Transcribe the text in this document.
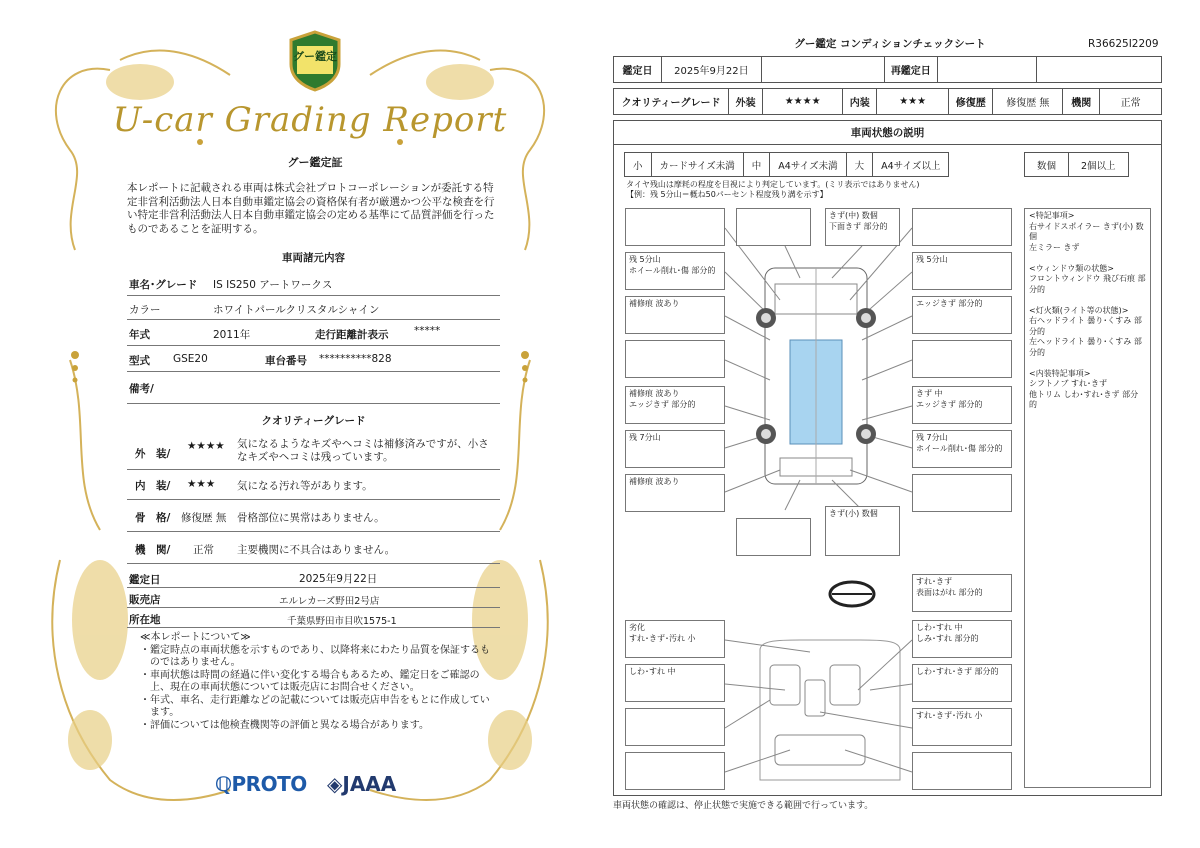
グー鑑定
U-car Grading Report
グー鑑定証
本レポートに記載される車両は株式会社プロトコーポレーションが委託する特定非営利活動法人日本自動車鑑定協会の資格保有者が厳選かつ公平な検査を行い特定非営利活動法人日本自動車鑑定協会の定める基準にて品質評価を行ったものであることを証明する。
車両諸元内容
車名･グレード IS IS250 アートワークス
カラー	ホワイトパールクリスタルシャイン
年式	2011年	走行距離計表示 *****
型式 GSE20	車台番号 **********828
備考/
クオリティーグレード
外　装/
★★★★ 気になるようなキズやヘコミは補修済みですが、小さなキズやヘコミは残っています。
内　装/ ★★★ 気になる汚れ等があります。
骨　格/ 修復歴 無 骨格部位に異常はありません。
機　関/ 正常 主要機関に不具合はありません。
鑑定日	2025年9月22日
販売店	エルレカーズ野田2号店
所在地	千葉県野田市目吹1575-1
≪本レポートについて≫
・鑑定時点の車両状態を示すものであり、以降将来にわたり品質を保証するものではありません。
・車両状態は時間の経過に伴い変化する場合もあるため、鑑定日をご確認の上、現在の車両状態については販売店にお問合せください。
・年式、車名、走行距離などの記載については販売店申告をもとに作成しています。
・評価については他検査機関等の評価と異なる場合があります。
ℚPROTO ◈JAAA
グー鑑定 コンディションチェックシート	R36625I2209
鑑定日	2025年9月22日		再鑑定日		
クオリティーグレード	外装	★★★★	内装	★★★	修復歴	修復歴 無	機関	正常
車両状態の説明
小	カードサイズ未満	中	A4サイズ未満	大	A4サイズ以上	数個	2個以上
タイヤ残山は摩耗の程度を目視により判定しています。(ミリ表示ではありません)
【例：残 5分山＝概ね50パーセント程度残り溝を示す】
残 5分山
ホイール削れ･傷 部分的
補修痕 波あり
補修痕 波あり
エッジきず 部分的
残 7分山
補修痕 波あり
きず(中) 数個
下面きず 部分的
きず(小) 数個
残 5分山
エッジきず 部分的
きず 中
エッジきず 部分的
残 7分山
ホイール削れ･傷 部分的
すれ･きず
表面はがれ 部分的
劣化
すれ･きず･汚れ 小
しわ･すれ 中
しわ･すれ 中
しみ･すれ 部分的
しわ･すれ･きず 部分的
すれ･きず･汚れ 小

<特記事項>
右サイドスポイラー きず(小) 数個
左ミラー きず

<ウィンドウ類の状態>
フロントウィンドウ 飛び石痕 部分的

<灯火類(ライト等の状態)>
右ヘッドライト 曇り･くすみ 部分的
左ヘッドライト 曇り･くすみ 部分的

<内装特記事項>
シフトノブ すれ･きず
他トリム しわ･すれ･きず 部分的

車両状態の確認は、停止状態で実施できる範囲で行っています。
